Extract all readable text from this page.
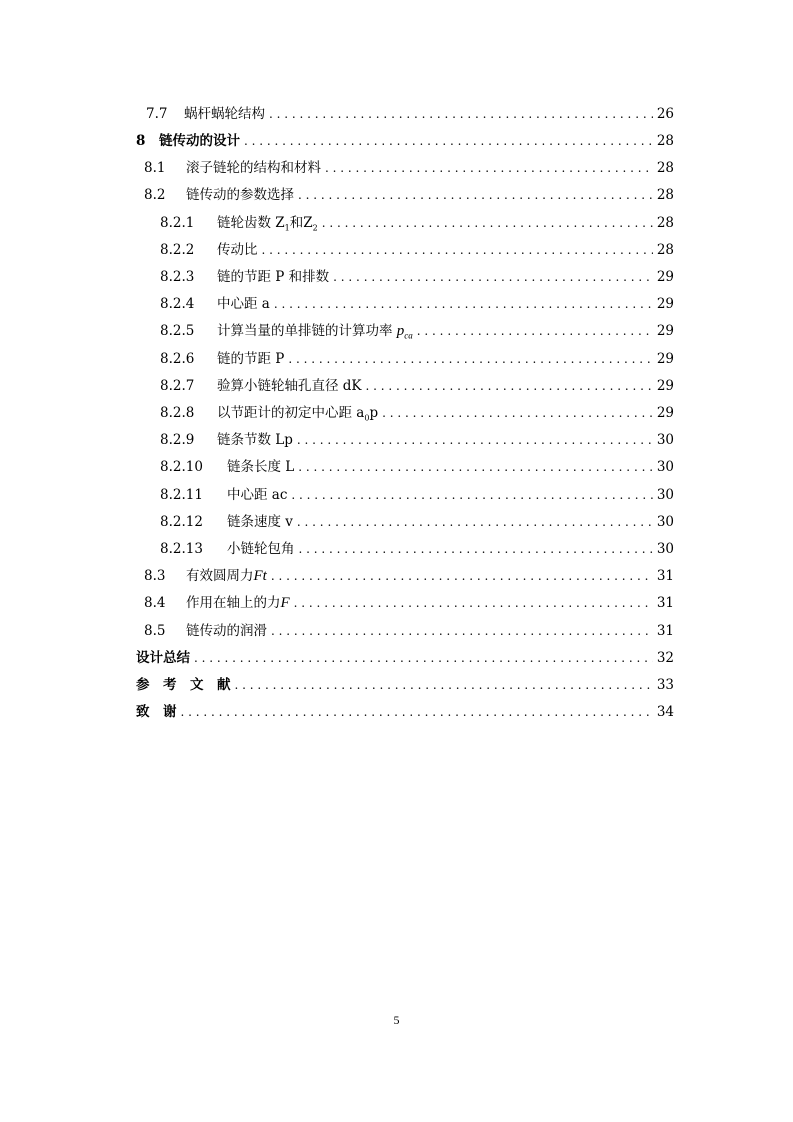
7.7 蜗杆蜗轮结构 . . .	26
8 链传动的设计 . . .	28
8.1 滚子链轮的结构和材料 . . .	28
8.2 链传动的参数选择 . . .	28
8.2.1 链轮齿数 $Z_1$和$Z_2$ . . .	28
8.2.2 传动比 . . .	28
8.2.3 链的节距 P 和排数 . . .	29
8.2.4 中心距 a . . .	29
8.2.5 计算当量的单排链的计算功率 $p_{ca}$ . . .	29
8.2.6 链的节距 P . . .	29
8.2.7 验算小链轮轴孔直径 dK . . .	29
8.2.8 以节距计的初定中心距 $a_0p$ . . .	29
8.2.9 链条节数 Lp . . .	30
8.2.10 链条长度 L . . .	30
8.2.11 中心距 ac . . .	30
8.2.12 链条速度 v . . .	30
8.2.13 小链轮包角 . . .	30
8.3 有效圆周力Ft . . .	31
8.4 作用在轴上的力F . . .	31
8.5 链传动的润滑 . . .	31
设计总结 . . .	32
参　考　文　献 . . .	33
致　谢 . . .	34
5
